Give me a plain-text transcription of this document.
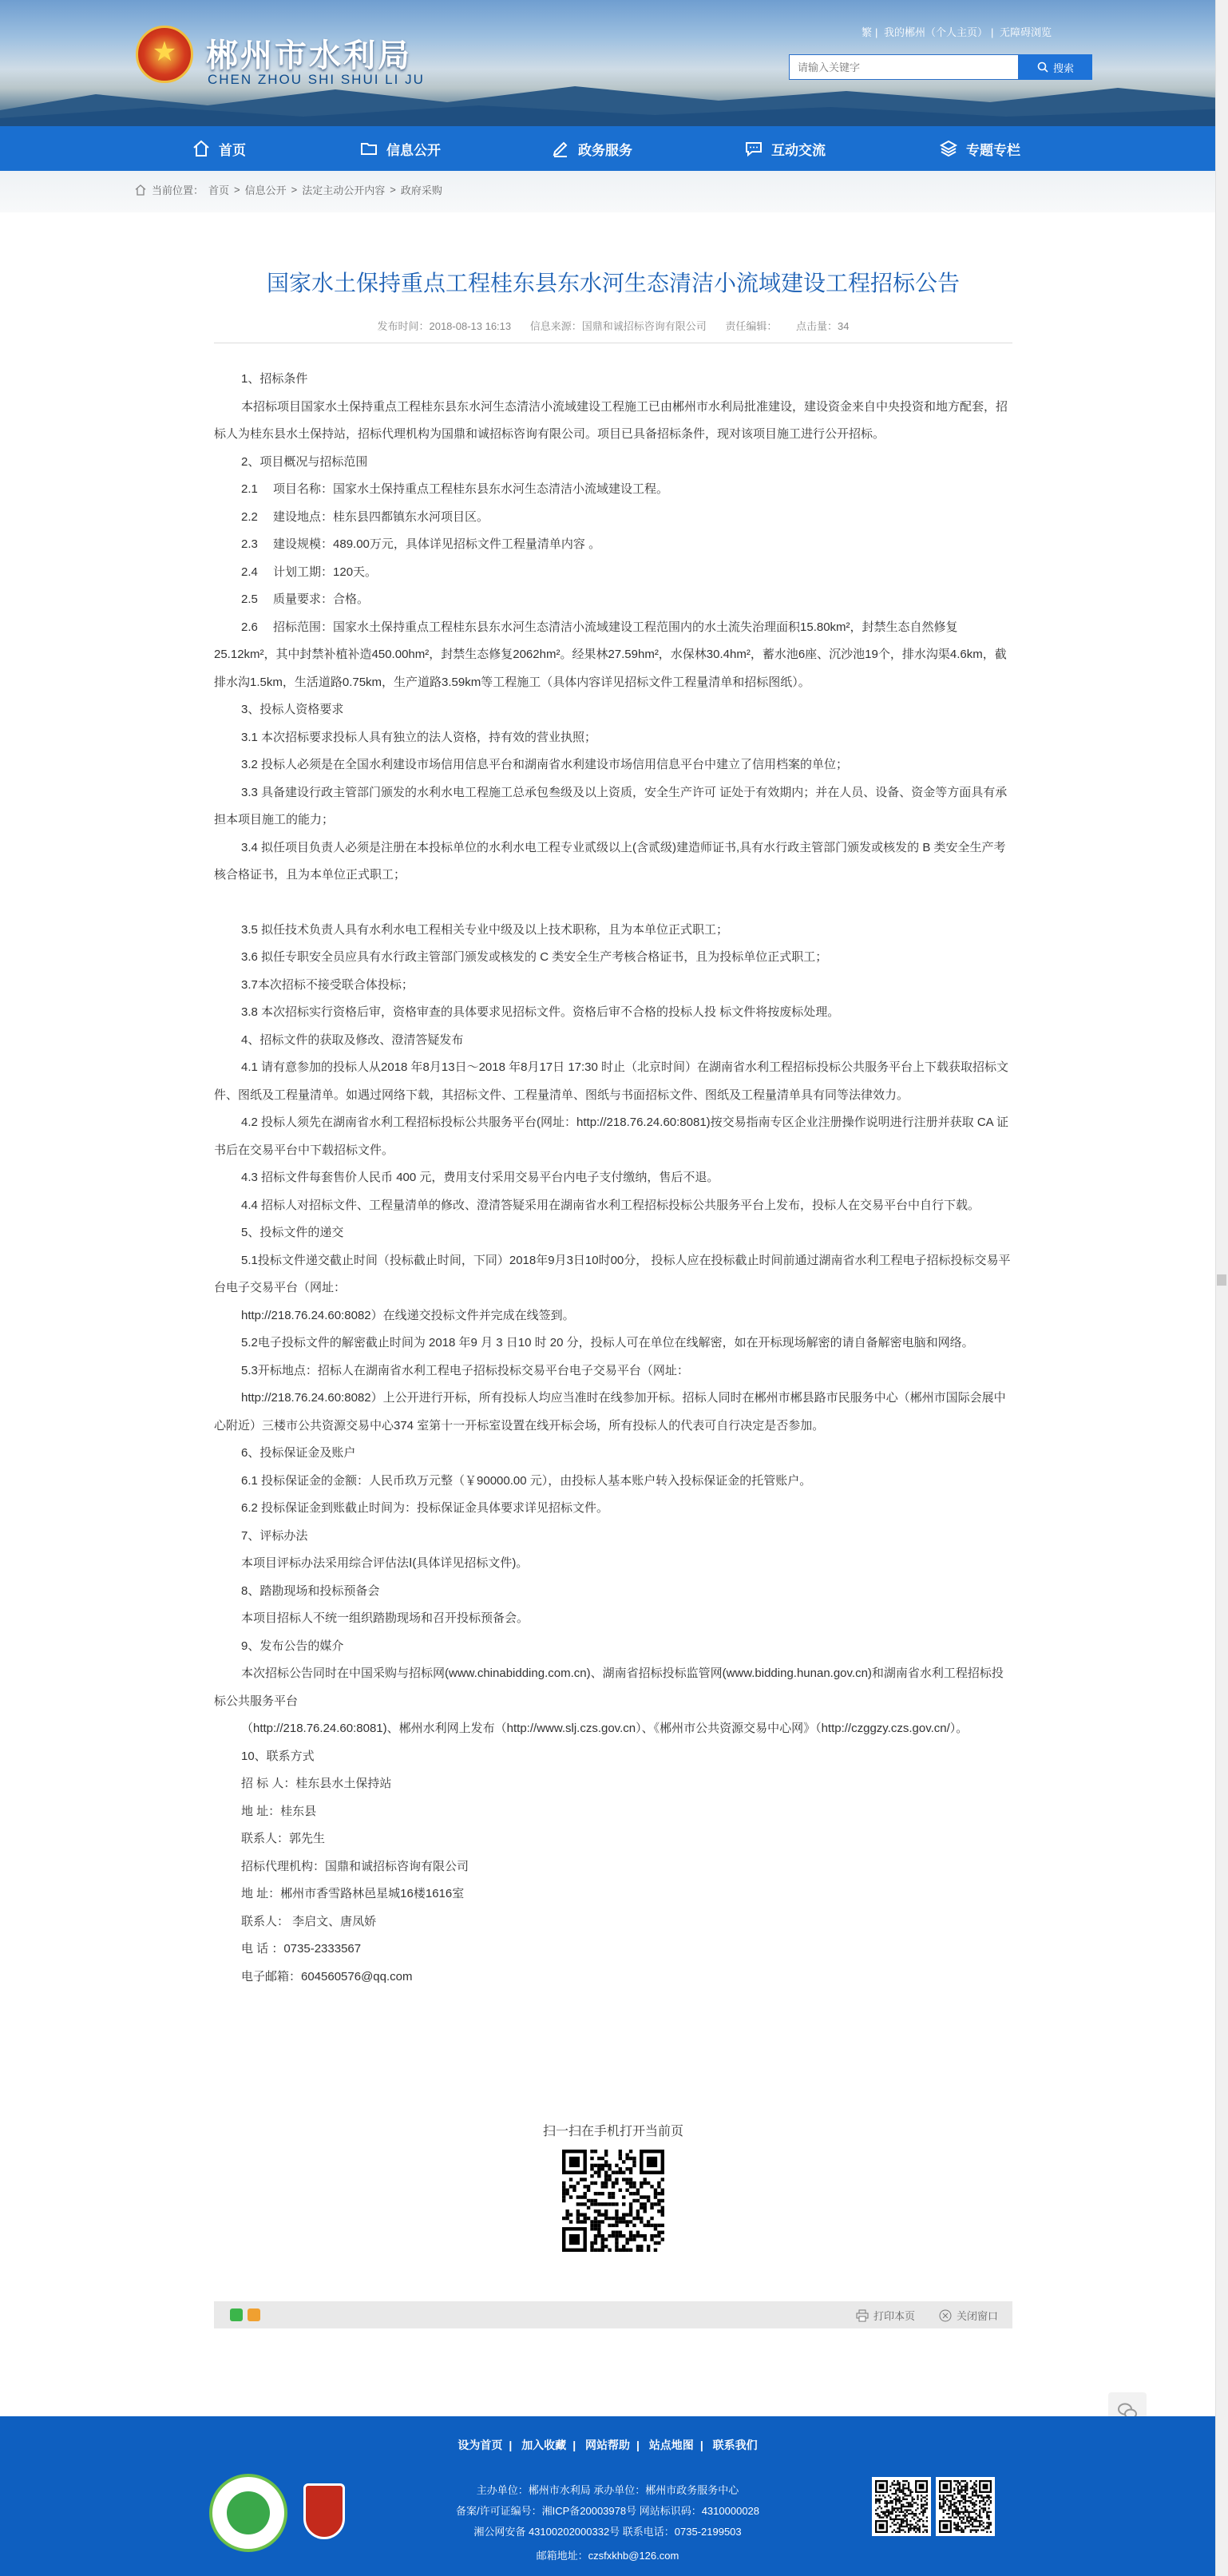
★
郴州市水利局
CHEN ZHOU SHI SHUI LI JU
繁 | 我的郴州（个人主页） | 无障碍浏览
请输入关键字
搜索
首页	信息公开	政务服务	互动交流	专题专栏
当前位置： 首页 > 信息公开 > 法定主动公开内容 > 政府采购
国家水土保持重点工程桂东县东水河生态清洁小流域建设工程招标公告
发布时间：2018-08-13 16:13 信息来源：国鼎和诚招标咨询有限公司 责任编辑： 点击量：34

1、招标条件

本招标项目国家水土保持重点工程桂东县东水河生态清洁小流域建设工程施工已由郴州市水利局批准建设，建设资金来自中央投资和地方配套，招标人为桂东县水土保持站，招标代理机构为国鼎和诚招标咨询有限公司。项目已具备招标条件，现对该项目施工进行公开招标。

2、项目概况与招标范围

2.1　 项目名称：国家水土保持重点工程桂东县东水河生态清洁小流域建设工程。

2.2　 建设地点：桂东县四都镇东水河项目区。

2.3　 建设规模：489.00万元，具体详见招标文件工程量清单内容 。

2.4　 计划工期：120天。

2.5　 质量要求：合格。

2.6　 招标范围：国家水土保持重点工程桂东县东水河生态清洁小流域建设工程范围内的水土流失治理面积15.80km²，封禁生态自然修复25.12km²，其中封禁补植补造450.00hm²，封禁生态修复2062hm²。经果林27.59hm²，水保林30.4hm²，蓄水池6座、沉沙池19个，排水沟渠4.6km，截排水沟1.5km，生活道路0.75km，生产道路3.59km等工程施工（具体内容详见招标文件工程量清单和招标图纸）。

3、投标人资格要求

3.1 本次招标要求投标人具有独立的法人资格，持有效的营业执照；

3.2 投标人必须是在全国水利建设市场信用信息平台和湖南省水利建设市场信用信息平台中建立了信用档案的单位；

3.3 具备建设行政主管部门颁发的水利水电工程施工总承包叁级及以上资质，安全生产许可 证处于有效期内；并在人员、设备、资金等方面具有承担本项目施工的能力；

3.4 拟任项目负责人必须是注册在本投标单位的水利水电工程专业贰级以上(含贰级)建造师证书,具有水行政主管部门颁发或核发的 B 类安全生产考核合格证书，且为本单位正式职工；

3.5 拟任技术负责人具有水利水电工程相关专业中级及以上技术职称，且为本单位正式职工；

3.6 拟任专职安全员应具有水行政主管部门颁发或核发的 C 类安全生产考核合格证书，且为投标单位正式职工；

3.7本次招标不接受联合体投标；

3.8 本次招标实行资格后审，资格审查的具体要求见招标文件。资格后审不合格的投标人投 标文件将按废标处理。

4、招标文件的获取及修改、澄清答疑发布

4.1 请有意参加的投标人从2018 年8月13日～2018 年8月17日 17:30 时止（北京时间）在湖南省水利工程招标投标公共服务平台上下载获取招标文件、图纸及工程量清单。如遇过网络下载，其招标文件、工程量清单、图纸与书面招标文件、图纸及工程量清单具有同等法律效力。

4.2 投标人须先在湖南省水利工程招标投标公共服务平台(网址：http://218.76.24.60:8081)按交易指南专区企业注册操作说明进行注册并获取 CA 证书后在交易平台中下载招标文件。

4.3 招标文件每套售价人民币 400 元，费用支付采用交易平台内电子支付缴纳，售后不退。

4.4 招标人对招标文件、工程量清单的修改、澄清答疑采用在湖南省水利工程招标投标公共服务平台上发布，投标人在交易平台中自行下载。

5、投标文件的递交

5.1投标文件递交截止时间（投标截止时间，下同）2018年9月3日10时00分， 投标人应在投标截止时间前通过湖南省水利工程电子招标投标交易平台电子交易平台（网址：

http://218.76.24.60:8082）在线递交投标文件并完成在线签到。

5.2电子投标文件的解密截止时间为 2018 年9 月 3 日10 时 20 分，投标人可在单位在线解密，如在开标现场解密的请自备解密电脑和网络。

5.3开标地点：招标人在湖南省水利工程电子招标投标交易平台电子交易平台（网址：

http://218.76.24.60:8082）上公开进行开标，所有投标人均应当准时在线参加开标。招标人同时在郴州市郴县路市民服务中心（郴州市国际会展中心附近）三楼市公共资源交易中心374 室第十一开标室设置在线开标会场，所有投标人的代表可自行决定是否参加。

6、投标保证金及账户

6.1 投标保证金的金额：人民币玖万元整（￥90000.00 元），由投标人基本账户转入投标保证金的托管账户。

6.2 投标保证金到账截止时间为：投标保证金具体要求详见招标文件。

7、评标办法

本项目评标办法采用综合评估法Ⅰ(具体详见招标文件)。

8、踏勘现场和投标预备会

本项目招标人不统一组织踏勘现场和召开投标预备会。

9、发布公告的媒介

本次招标公告同时在中国采购与招标网(www.chinabidding.com.cn)、湖南省招标投标监管网(www.bidding.hunan.gov.cn)和湖南省水利工程招标投标公共服务平台

（http://218.76.24.60:8081)、郴州水利网上发布（http://www.slj.czs.gov.cn）、《郴州市公共资源交易中心网》（http://czggzy.czs.gov.cn/）。

10、联系方式

招 标 人：桂东县水土保持站

地 址：桂东县

联系人：郭先生

招标代理机构：国鼎和诚招标咨询有限公司

地 址：郴州市香雪路林邑星城16楼1616室

联系人： 李启文、唐凤娇

电 话 ：0735-2333567

电子邮箱：604560576@qq.com

扫一扫在手机打开当前页
打印本页	关闭窗口
设为首页 | 加入收藏 | 网站帮助 | 站点地图 | 联系我们
主办单位：郴州市水利局 承办单位：郴州市政务服务中心
备案/许可证编号：湘ICP备20003978号 网站标识码：4310000028
湘公网安备 43100202000332号 联系电话：0735-2199503
邮箱地址：czsfxkhb@126.com
